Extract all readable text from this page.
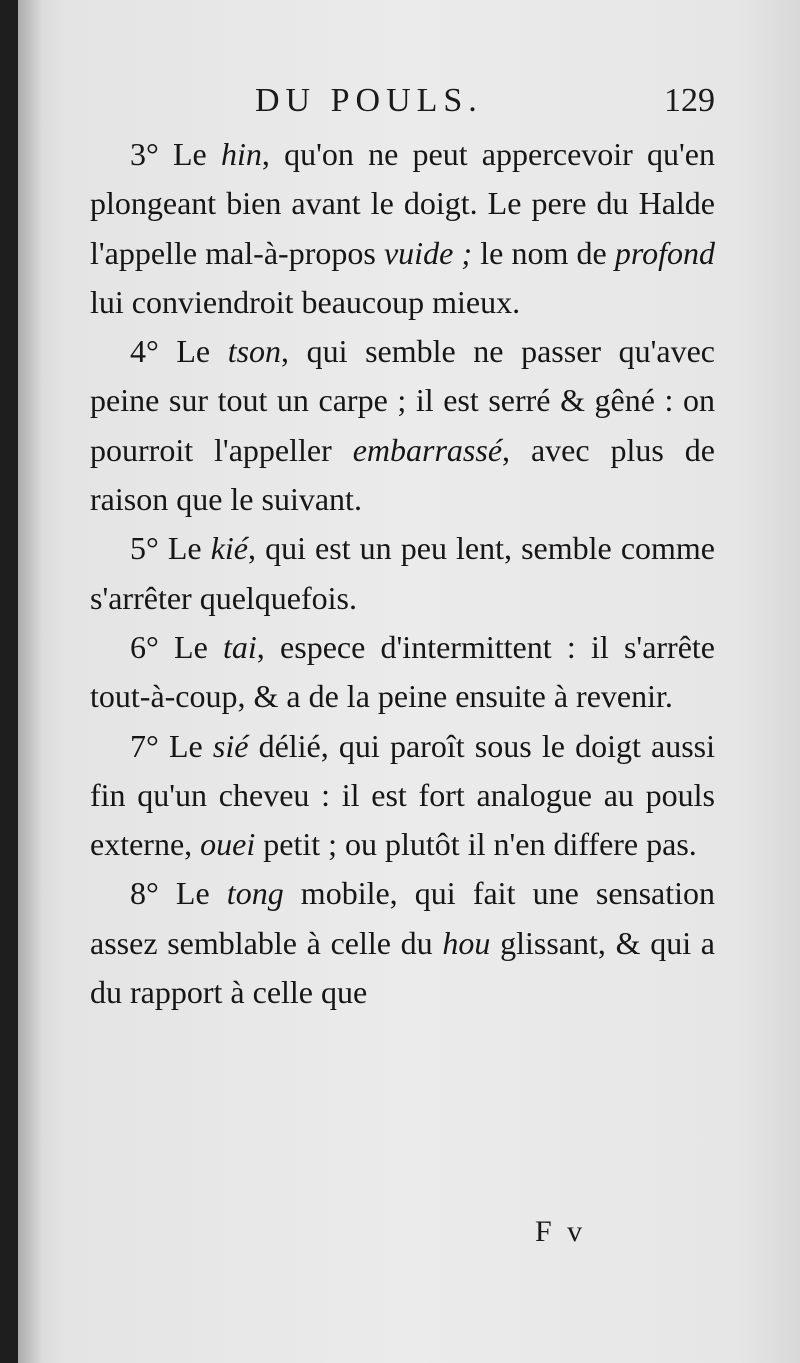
DU POULS.	129

3° Le hin, qu'on ne peut appercevoir qu'en plongeant bien avant le doigt. Le pere du Halde l'appelle mal-à-propos vuide ; le nom de profond lui conviendroit beaucoup mieux.

4° Le tson, qui semble ne passer qu'avec peine sur tout un carpe ; il est serré & gêné : on pourroit l'appeller embarrassé, avec plus de raison que le suivant.

5° Le kié, qui est un peu lent, semble comme s'arrêter quelquefois.

6° Le tai, espece d'intermittent : il s'arrête tout-à-coup, & a de la peine ensuite à revenir.

7° Le sié délié, qui paroît sous le doigt aussi fin qu'un cheveu : il est fort analogue au pouls externe, ouei petit ; ou plutôt il n'en differe pas.

8° Le tong mobile, qui fait une sensation assez semblable à celle du hou glissant, & qui a du rapport à celle que

F v
